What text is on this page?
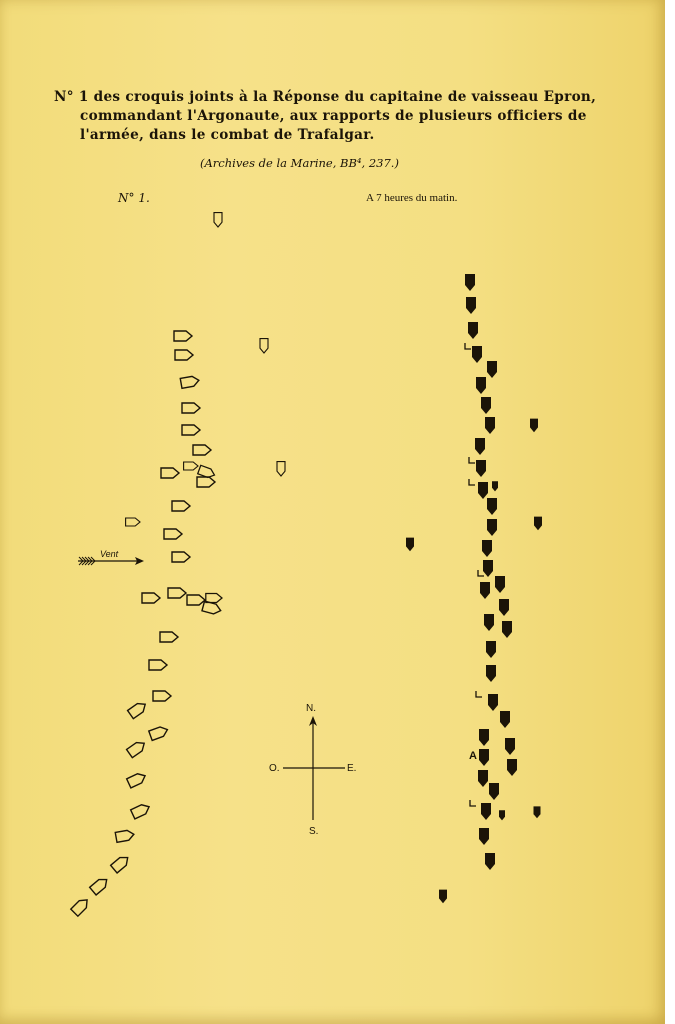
N° 1 des croquis joints à la Réponse du capitaine de vaisseau Epron,
commandant l'Argonaute, aux rapports de plusieurs officiers de
l'armée, dans le combat de Trafalgar.
(Archives de la Marine, BB⁴, 237.)
N° 1.	A 7 heures du matin.
Vent
N.
O.	E.
S.
A
